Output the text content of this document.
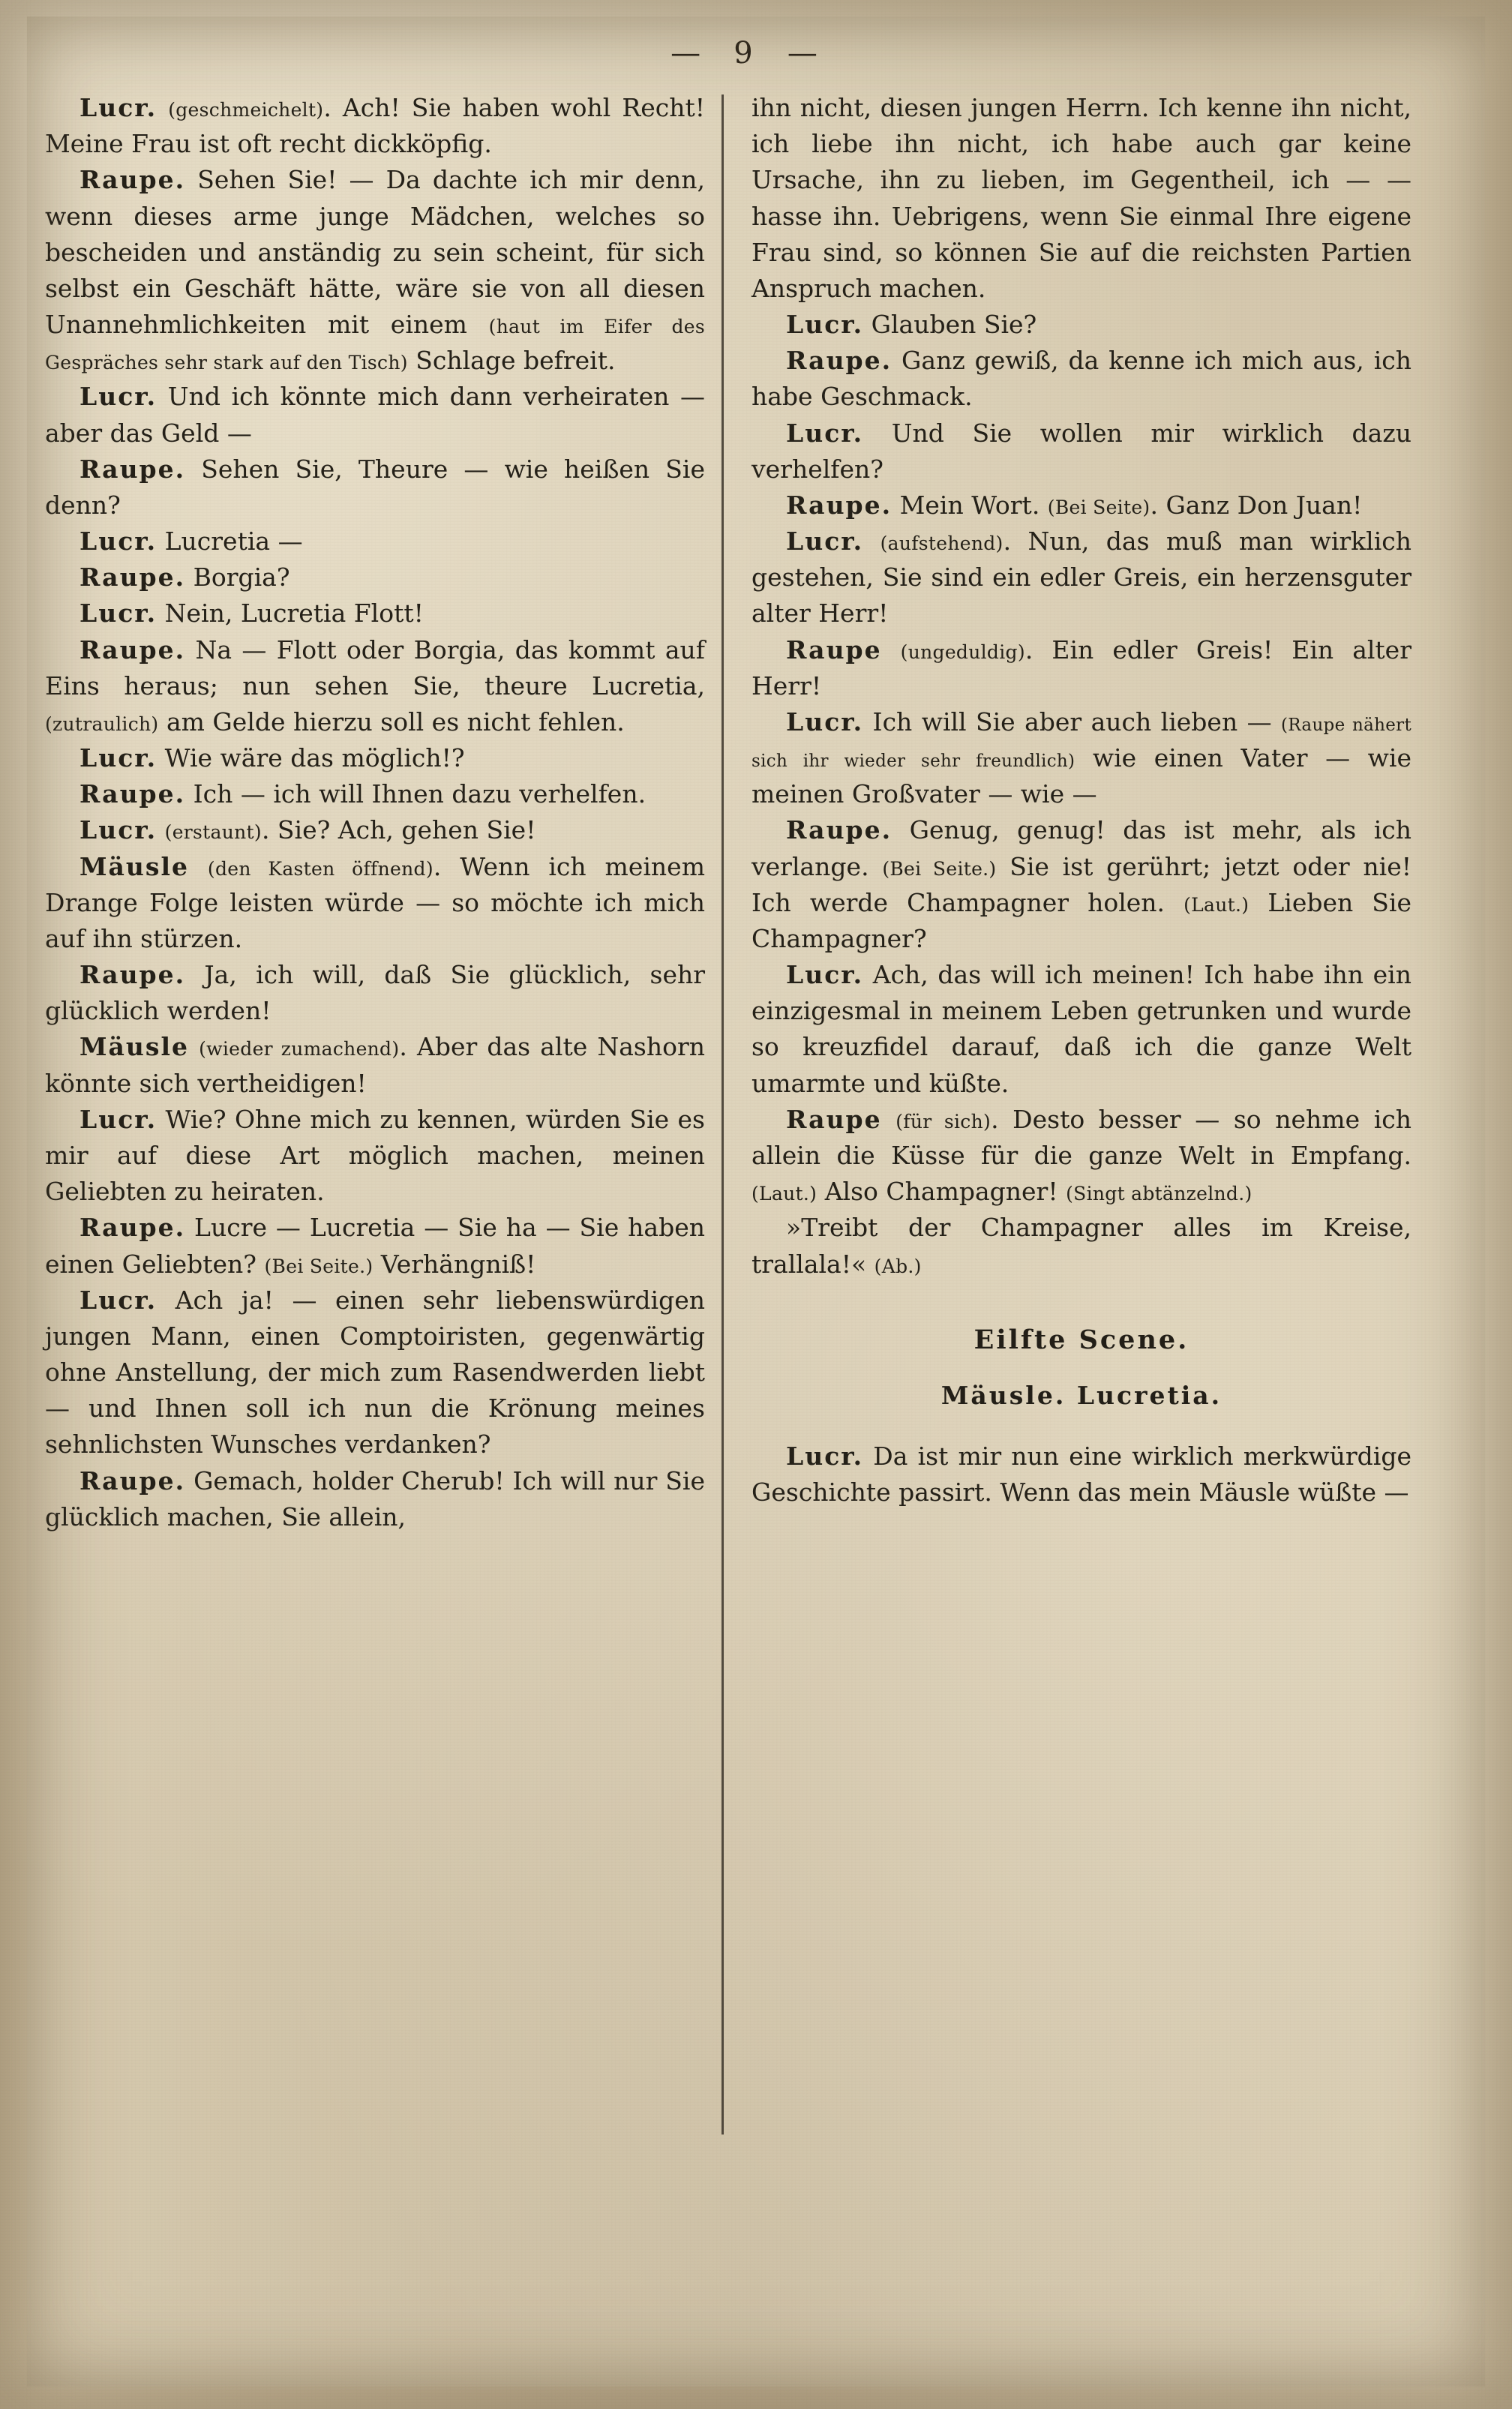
— 9 —

Lucr. (geschmeichelt). Ach! Sie haben wohl Recht! Meine Frau ist oft recht dickköpfig.

Raupe. Sehen Sie! — Da dachte ich mir denn, wenn dieses arme junge Mädchen, welches so bescheiden und anständig zu sein scheint, für sich selbst ein Geschäft hätte, wäre sie von all diesen Unannehmlichkeiten mit einem (haut im Eifer des Gespräches sehr stark auf den Tisch) Schlage befreit.

Lucr. Und ich könnte mich dann verheiraten — aber das Geld —

Raupe. Sehen Sie, Theure — wie heißen Sie denn?

Lucr. Lucretia —

Raupe. Borgia?

Lucr. Nein, Lucretia Flott!

Raupe. Na — Flott oder Borgia, das kommt auf Eins heraus; nun sehen Sie, theure Lucretia, (zutraulich) am Gelde hierzu soll es nicht fehlen.

Lucr. Wie wäre das möglich!?

Raupe. Ich — ich will Ihnen dazu verhelfen.

Lucr. (erstaunt). Sie? Ach, gehen Sie!

Mäusle (den Kasten öffnend). Wenn ich meinem Drange Folge leisten würde — so möchte ich mich auf ihn stürzen.

Raupe. Ja, ich will, daß Sie glücklich, sehr glücklich werden!

Mäusle (wieder zumachend). Aber das alte Nashorn könnte sich vertheidigen!

Lucr. Wie? Ohne mich zu kennen, würden Sie es mir auf diese Art möglich machen, meinen Geliebten zu heiraten.

Raupe. Lucre — Lucretia — Sie ha — Sie haben einen Geliebten? (Bei Seite.) Verhängniß!

Lucr. Ach ja! — einen sehr liebenswürdigen jungen Mann, einen Comptoiristen, gegenwärtig ohne Anstellung, der mich zum Rasendwerden liebt — und Ihnen soll ich nun die Krönung meines sehnlichsten Wunsches verdanken?

Raupe. Gemach, holder Cherub! Ich will nur Sie glücklich machen, Sie allein,

ihn nicht, diesen jungen Herrn. Ich kenne ihn nicht, ich liebe ihn nicht, ich habe auch gar keine Ursache, ihn zu lieben, im Gegentheil, ich — — hasse ihn. Uebrigens, wenn Sie einmal Ihre eigene Frau sind, so können Sie auf die reichsten Partien Anspruch machen.

Lucr. Glauben Sie?

Raupe. Ganz gewiß, da kenne ich mich aus, ich habe Geschmack.

Lucr. Und Sie wollen mir wirklich dazu verhelfen?

Raupe. Mein Wort. (Bei Seite). Ganz Don Juan!

Lucr. (aufstehend). Nun, das muß man wirklich gestehen, Sie sind ein edler Greis, ein herzensguter alter Herr!

Raupe (ungeduldig). Ein edler Greis! Ein alter Herr!

Lucr. Ich will Sie aber auch lieben — (Raupe nähert sich ihr wieder sehr freundlich) wie einen Vater — wie meinen Großvater — wie —

Raupe. Genug, genug! das ist mehr, als ich verlange. (Bei Seite.) Sie ist gerührt; jetzt oder nie! Ich werde Champagner holen. (Laut.) Lieben Sie Champagner?

Lucr. Ach, das will ich meinen! Ich habe ihn ein einzigesmal in meinem Leben getrunken und wurde so kreuzfidel darauf, daß ich die ganze Welt umarmte und küßte.

Raupe (für sich). Desto besser — so nehme ich allein die Küsse für die ganze Welt in Empfang. (Laut.) Also Champagner! (Singt abtänzelnd.)

»Treibt der Champagner alles im Kreise, trallala!« (Ab.)

Eilfte Scene.
Mäusle. Lucretia.

Lucr. Da ist mir nun eine wirklich merkwürdige Geschichte passirt. Wenn das mein Mäusle wüßte —
